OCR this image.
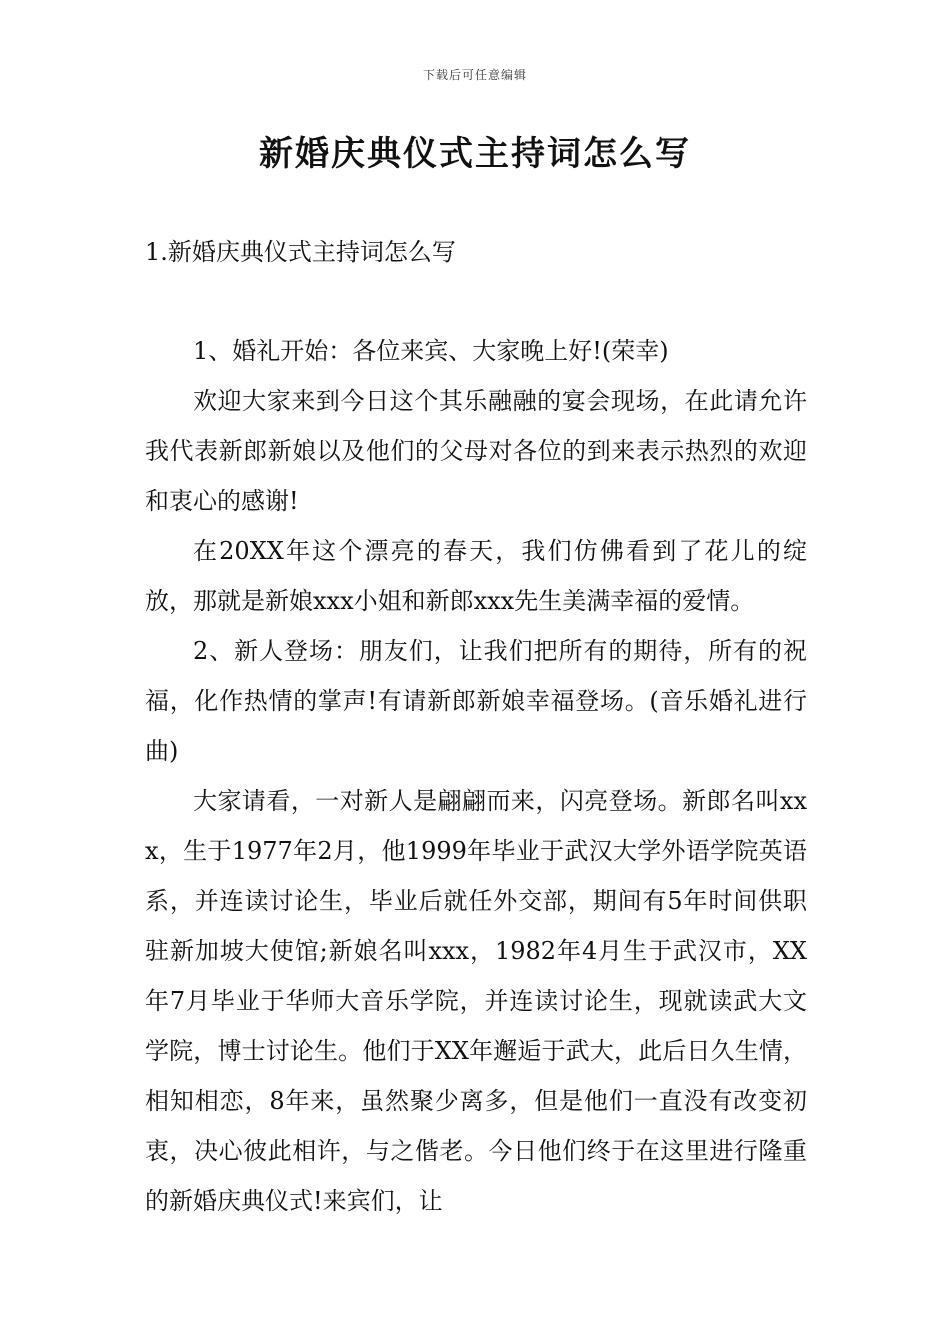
下载后可任意编辑
新婚庆典仪式主持词怎么写
1.新婚庆典仪式主持词怎么写

1、婚礼开始：各位来宾、大家晚上好!(荣幸)

欢迎大家来到今日这个其乐融融的宴会现场，在此请允许我代表新郎新娘以及他们的父母对各位的到来表示热烈的欢迎和衷心的感谢!

在20XX年这个漂亮的春天，我们仿佛看到了花儿的绽放，那就是新娘xxx小姐和新郎xxx先生美满幸福的爱情。

2、新人登场：朋友们，让我们把所有的期待，所有的祝福，化作热情的掌声!有请新郎新娘幸福登场。(音乐婚礼进行曲)

大家请看，一对新人是翩翩而来，闪亮登场。新郎名叫xxx，生于1977年2月，他1999年毕业于武汉大学外语学院英语系，并连读讨论生，毕业后就任外交部，期间有5年时间供职驻新加坡大使馆;新娘名叫xxx，1982年4月生于武汉市，XX年7月毕业于华师大音乐学院，并连读讨论生，现就读武大文学院，博士讨论生。他们于XX年邂逅于武大，此后日久生情，相知相恋，8年来，虽然聚少离多，但是他们一直没有改变初衷，决心彼此相许，与之偕老。今日他们终于在这里进行隆重的新婚庆典仪式!来宾们，让
